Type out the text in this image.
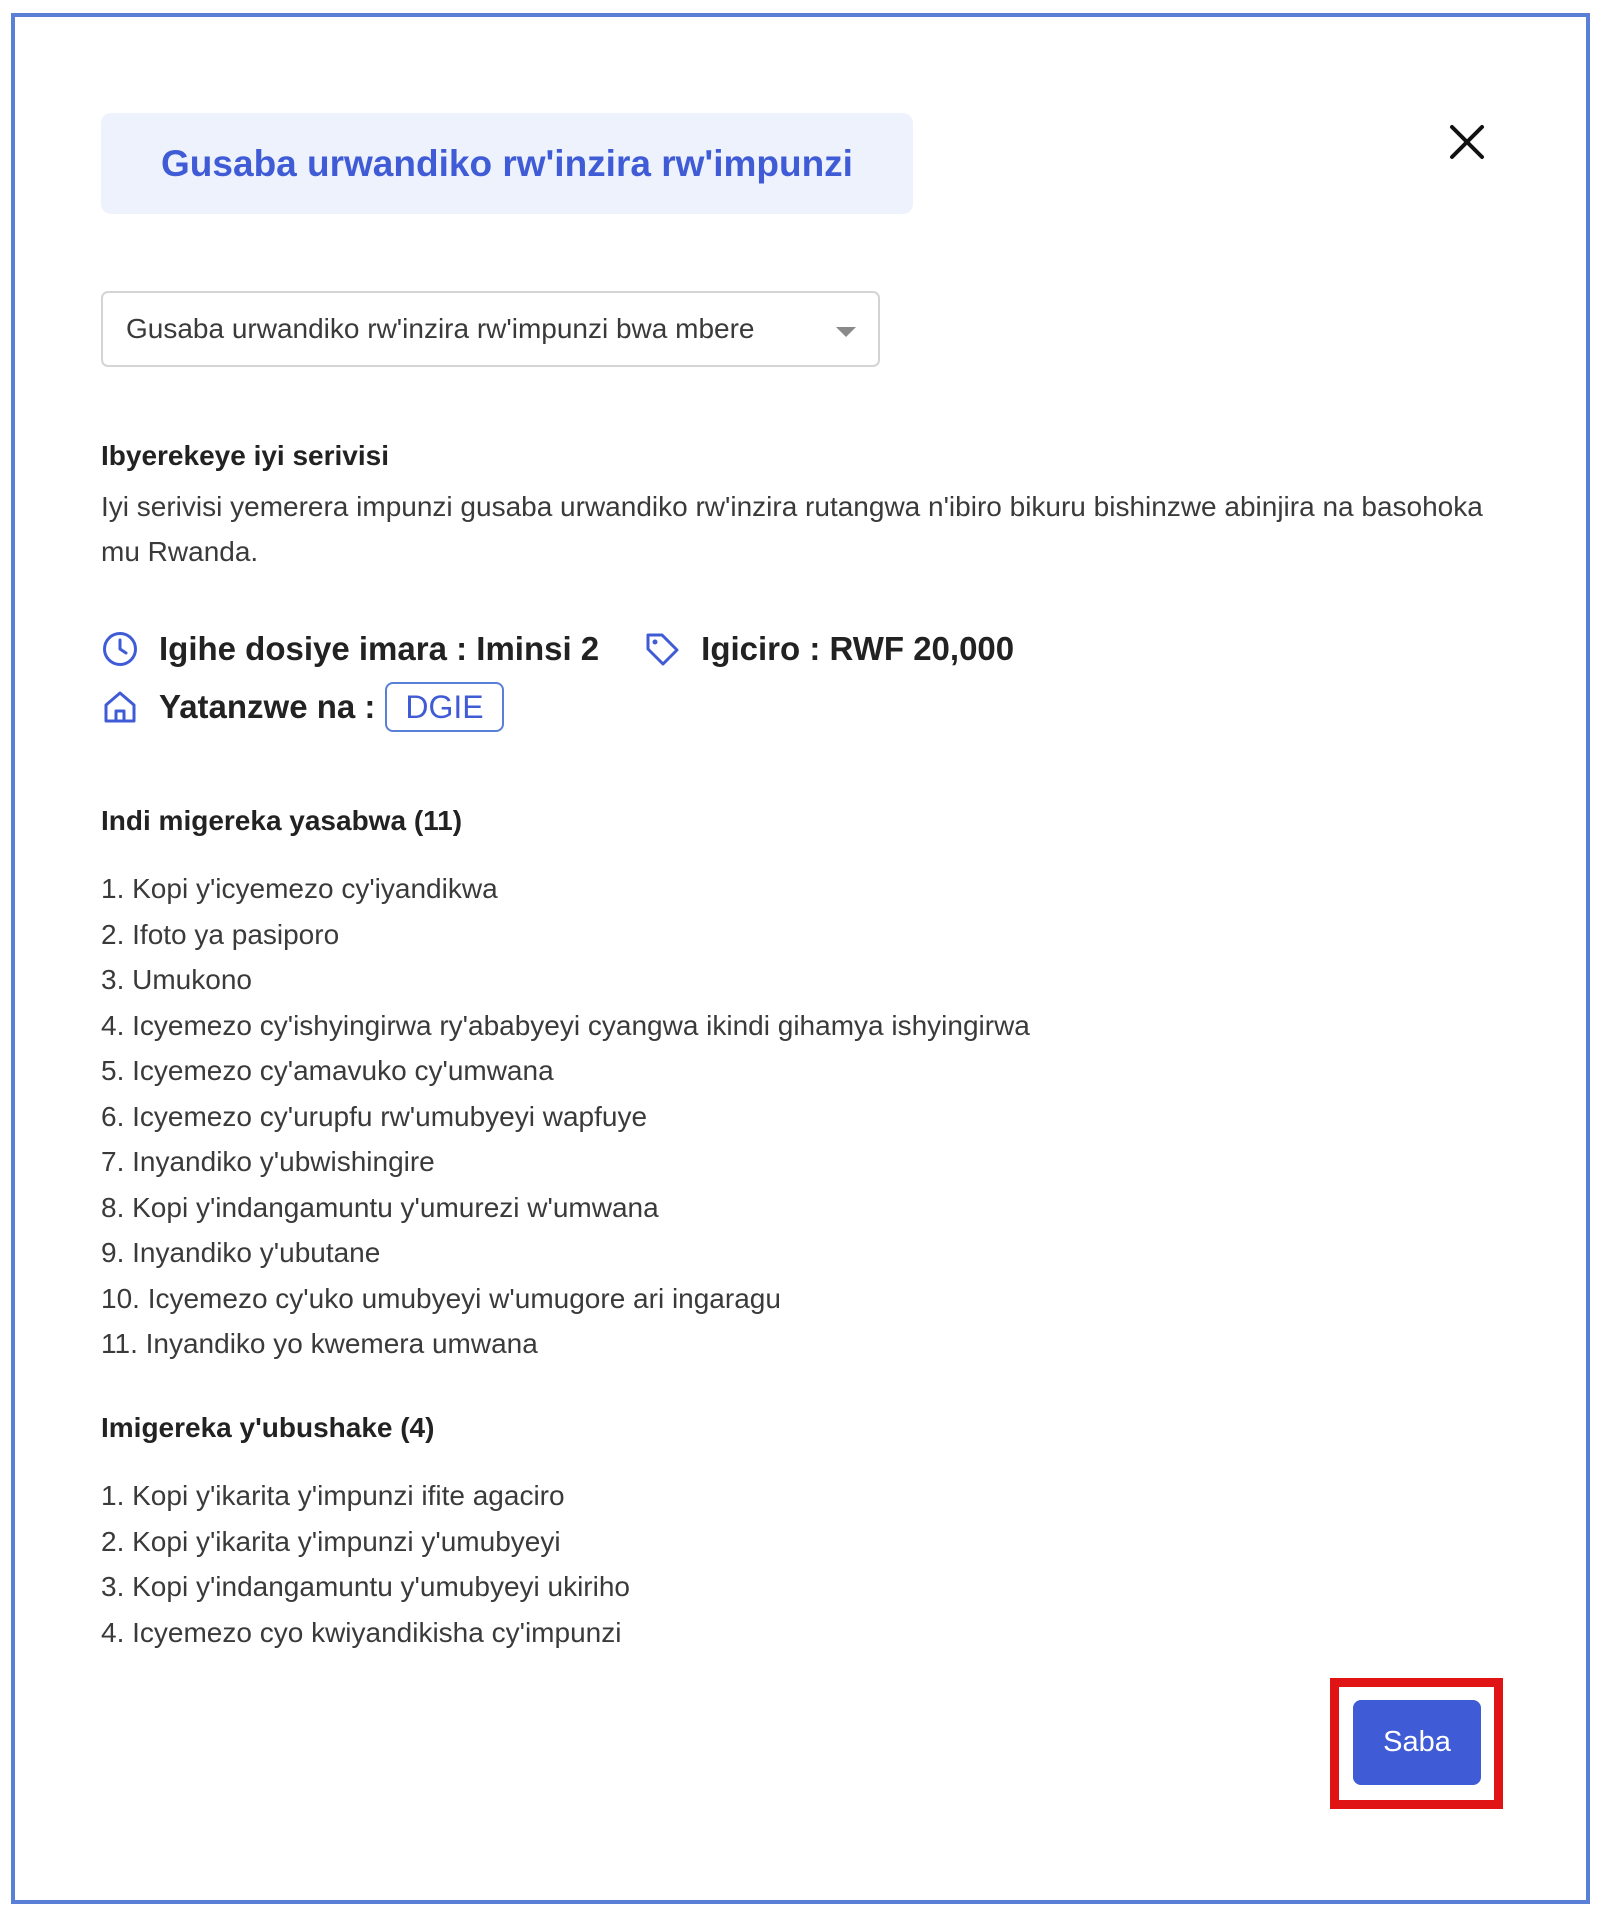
Gusaba urwandiko rw'inzira rw'impunzi
Gusaba urwandiko rw'inzira rw'impunzi bwa mbere
Ibyerekeye iyi serivisi
Iyi serivisi yemerera impunzi gusaba urwandiko rw'inzira rutangwa n'ibiro bikuru bishinzwe abinjira na basohoka mu Rwanda.
Igihe dosiye imara : Iminsi 2	Igiciro : RWF 20,000
Yatanzwe na : DGIE
Indi migereka yasabwa (11)
1. Kopi y'icyemezo cy'iyandikwa
2. Ifoto ya pasiporo
3. Umukono
4. Icyemezo cy'ishyingirwa ry'ababyeyi cyangwa ikindi gihamya ishyingirwa
5. Icyemezo cy'amavuko cy'umwana
6. Icyemezo cy'urupfu rw'umubyeyi wapfuye
7. Inyandiko y'ubwishingire
8. Kopi y'indangamuntu y'umurezi w'umwana
9. Inyandiko y'ubutane
10. Icyemezo cy'uko umubyeyi w'umugore ari ingaragu
11. Inyandiko yo kwemera umwana
Imigereka y'ubushake (4)
1. Kopi y'ikarita y'impunzi ifite agaciro
2. Kopi y'ikarita y'impunzi y'umubyeyi
3. Kopi y'indangamuntu y'umubyeyi ukiriho
4. Icyemezo cyo kwiyandikisha cy'impunzi
Saba
